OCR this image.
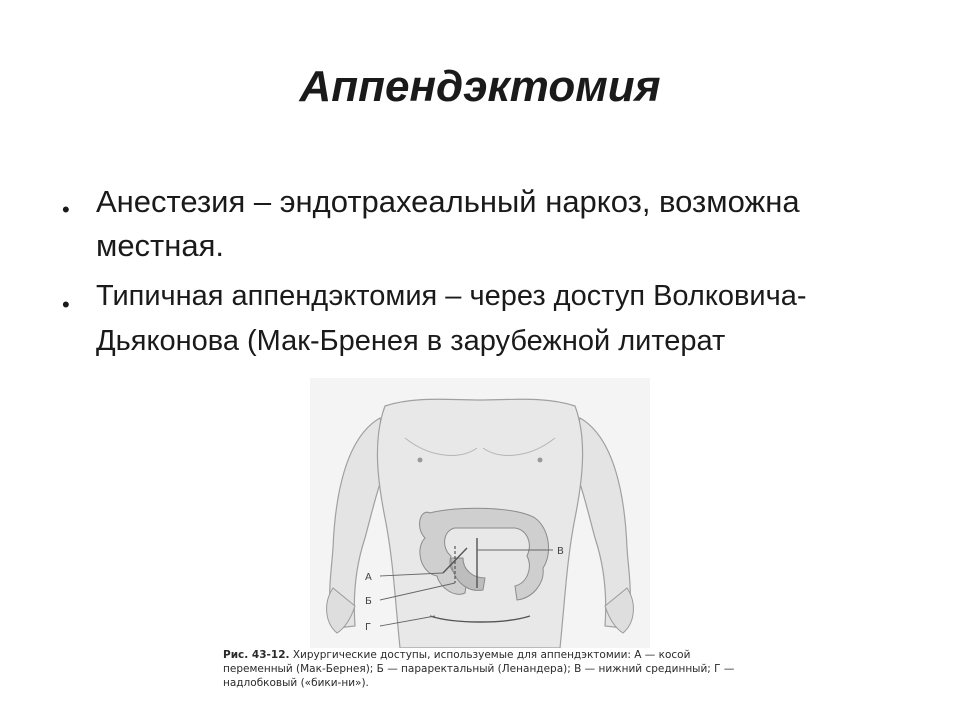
Аппендэктомия
• Анестезия – эндотрахеальный наркоз, возможна местная.
• Типичная аппендэктомия – через доступ Волковича-Дьяконова (Мак-Бренея в зарубежной литерат
А
Б
Г
В
Рис. 43-12. Хирургические доступы, используемые для аппендэктомии: А — косой переменный (Мак-Бернея); Б — параректальный (Ленандера); В — нижний срединный; Г — надлобковый («бики-ни»).
